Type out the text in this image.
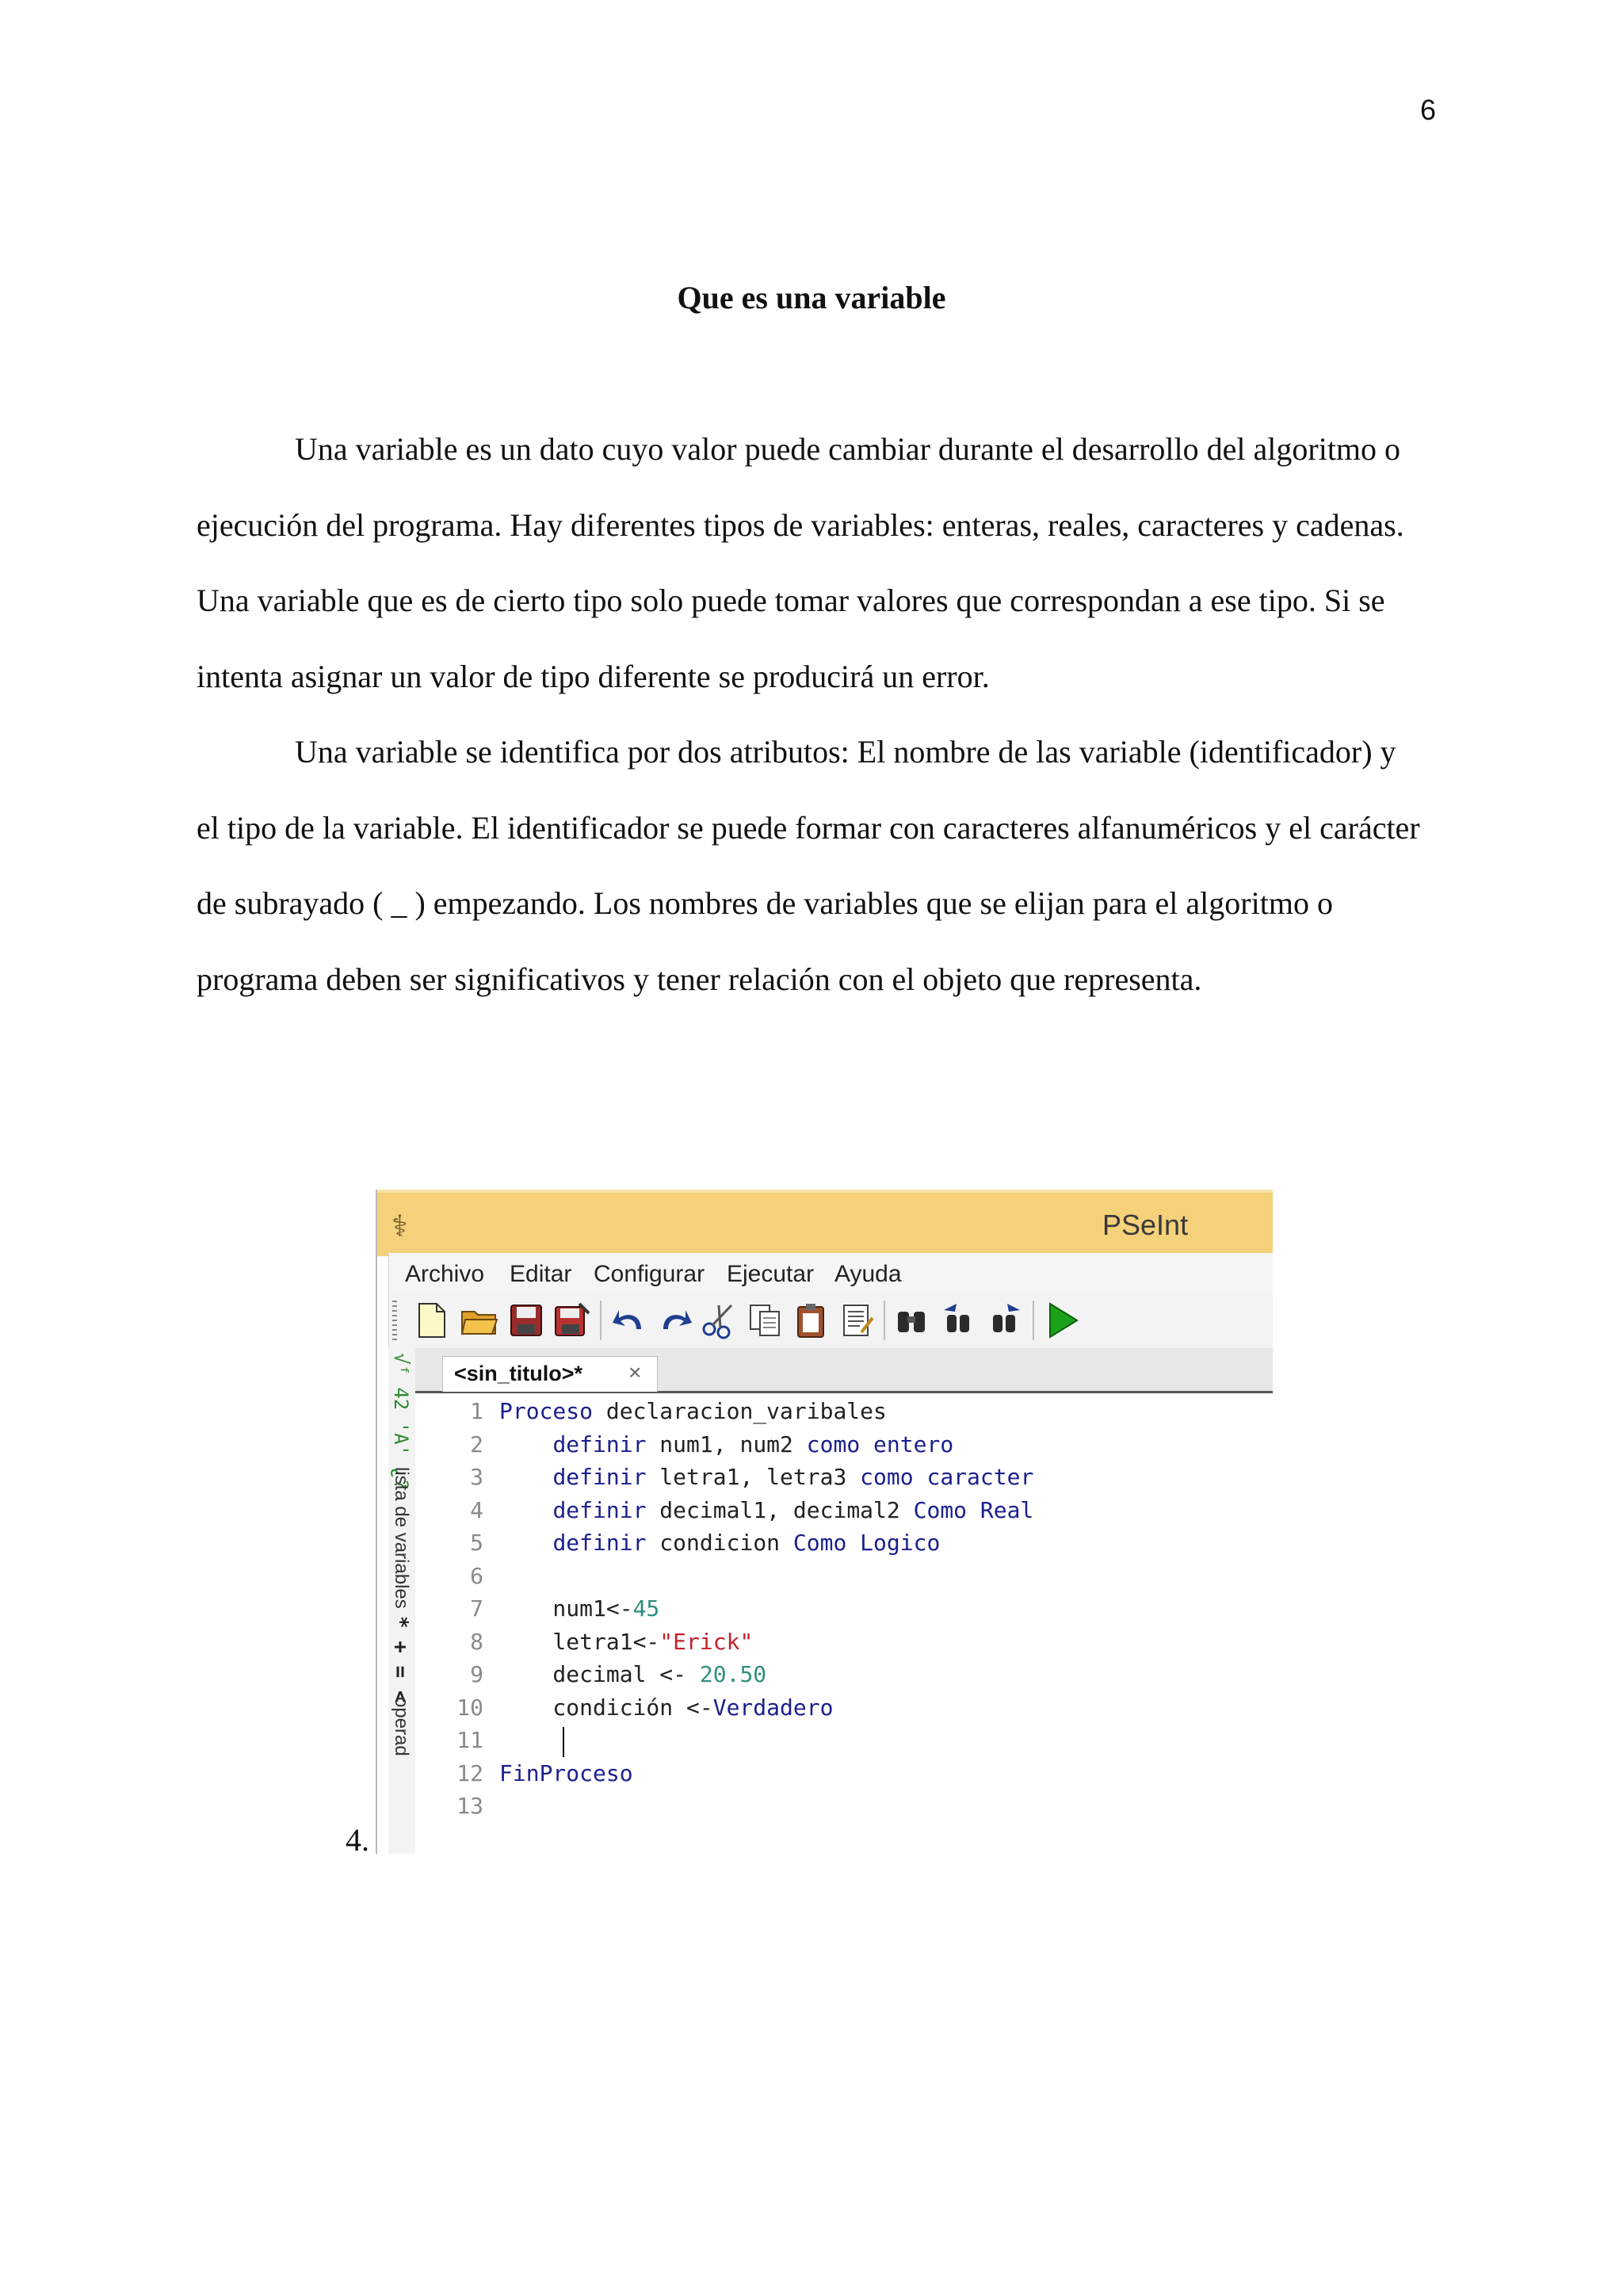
6
Que es una variable

Una variable es un dato cuyo valor puede cambiar durante el desarrollo del algoritmo o ejecución del programa. Hay diferentes tipos de variables: enteras, reales, caracteres y cadenas. Una variable que es de cierto tipo solo puede tomar valores que correspondan a ese tipo. Si se intenta asignar un valor de tipo diferente se producirá un error.

Una variable se identifica por dos atributos: El nombre de las variable (identificador) y el tipo de la variable. El identificador se puede formar con caracteres alfanuméricos y el carácter de subrayado ( _ ) empezando. Los nombres de variables que se elijan para el algoritmo o programa deben ser significativos y tener relación con el objeto que representa.

4.
⚕	PSeInt
Archivo Editar Configurar Ejecutar Ayuda
√ᶠ 42 'A' ¿?
lista de variables
* + = <
operad
<sin_titulo>* ×
1 Proceso declaracion_varibales
2	definir num1, num2 como entero
3	definir letra1, letra3 como caracter
4	definir decimal1, decimal2 Como Real
5	definir condicion Como Logico
6
7 num1<-45
8 letra1<-"Erick"
9 decimal <- 20.50
10 condición <-Verdadero
11
12 FinProceso
13
